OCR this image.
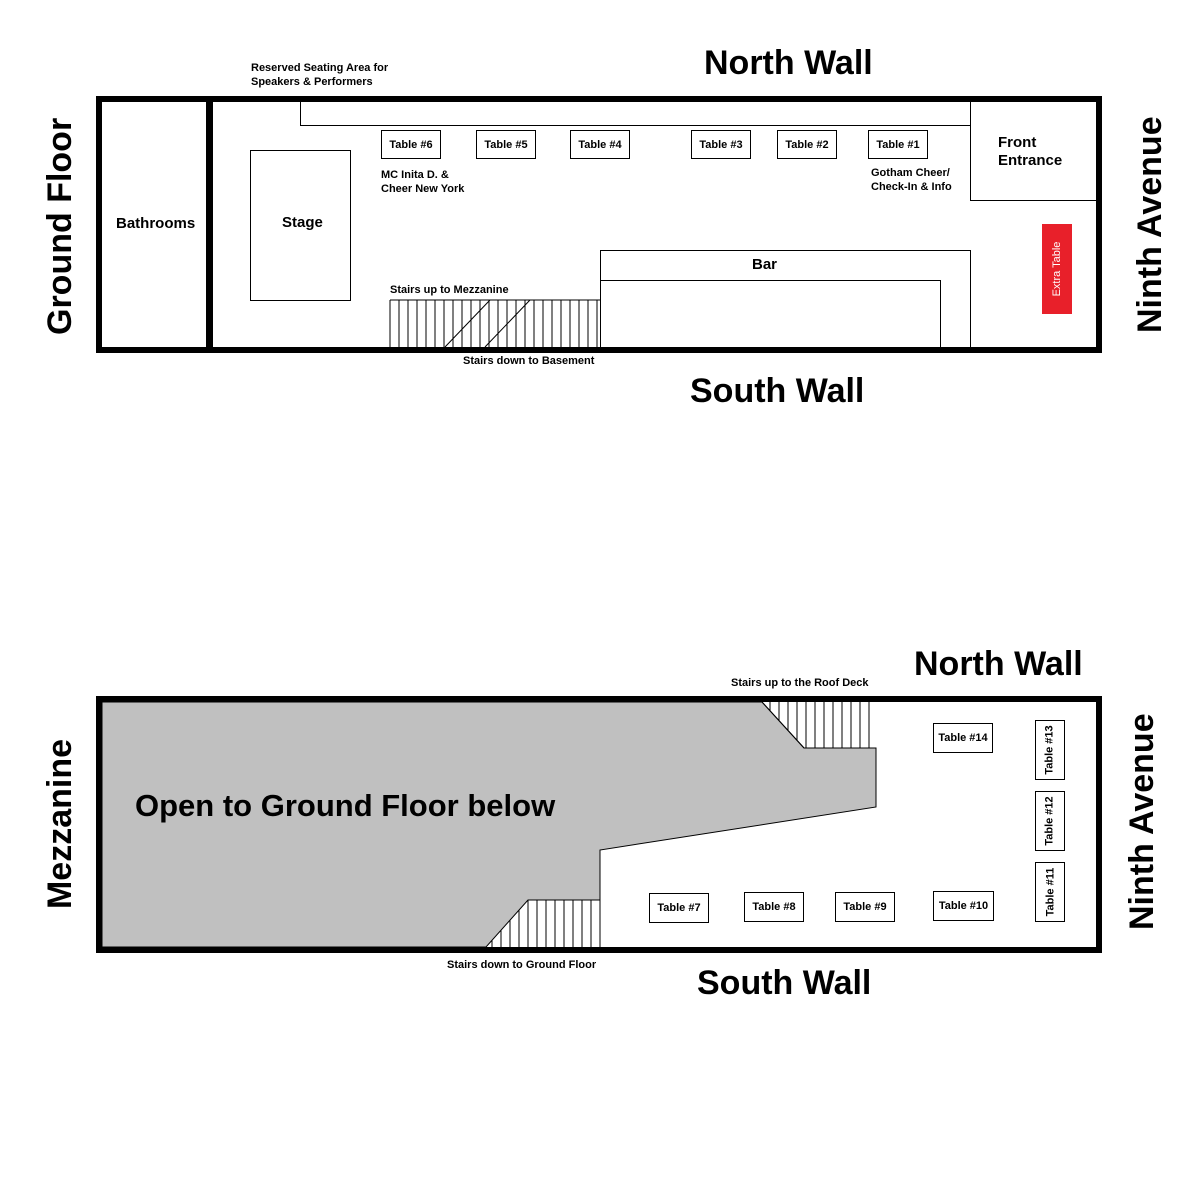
North Wall
South Wall
Ground Floor	Ninth Avenue
Reserved Seating Area for
Speakers & Performers
Bathrooms
Front
Entrance
Stage
Table #6	Table #5	Table #4	Table #3	Table #2	Table #1
MC Inita D. &
Cheer New York
Gotham Cheer/
Check-In & Info
Bar	Extra Table
Stairs up to Mezzanine
Stairs down to Basement
North Wall
South Wall
Mezzanine	Ninth Avenue
Stairs up to the Roof Deck
Stairs down to Ground Floor
Open to Ground Floor below
Table #7	Table #8	Table #9	Table #10
Table #14	Table #13
Table #12
Table #11
